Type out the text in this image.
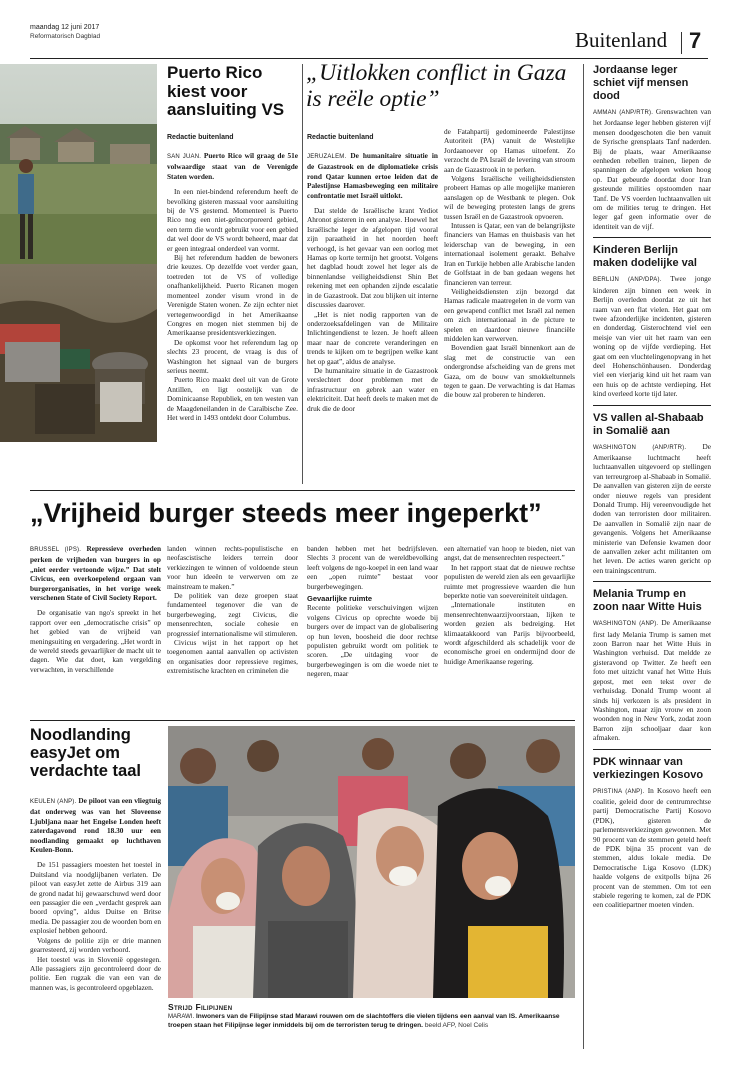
maandag 12 juni 2017
Reformatorisch Dagblad	Buitenland 7
Puerto Rico kiest voor aansluiting VS
Redactie buitenland

SAN JUAN. Puerto Rico wil graag de 51e volwaardige staat van de Verenigde Staten worden.

In een niet-bindend referendum heeft de bevolking gisteren massaal voor aansluiting bij de VS gestemd. Momenteel is Puerto Rico nog een niet-geïncorporeerd gebied, een term die wordt gebruikt voor een gebied dat wel door de VS wordt beheerd, maar dat er geen integraal onderdeel van vormt.

Bij het referendum hadden de bewoners drie keuzes. Op dezelfde voet verder gaan, toetreden tot de VS of volledige onafhankelijkheid. Puerto Ricanen mogen momenteel zonder visum vrond in de Verenigde Staten wonen. Ze zijn echter niet vertegenwoordigd in het Amerikaanse Congres en mogen niet stemmen bij de Amerikaanse presidentsverkiezingen.

De opkomst voor het referendum lag op slechts 23 procent, de vraag is dus of Washington het signaal van de burgers serieus neemt.

Puerto Rico maakt deel uit van de Grote Antillen, en ligt oostelijk van de Dominicaanse Republiek, en ten westen van de Maagdeneilanden in de Caraïbische Zee. Het werd in 1493 ontdekt door Columbus.

„Uitlokken conflict in Gaza is reële optie”
Redactie buitenland

JERUZALEM. De humanitaire situatie in de Gazastrook en de diplomatieke crisis rond Qatar kunnen ertoe leiden dat de Palestijnse Hamasbeweging een militaire confrontatie met Israël uitlokt.

Dat stelde de Israëlische krant Yediot Ahronot gisteren in een analyse. Hoewel het Israëlische leger de afgelopen tijd vooral zijn paraatheid in het noorden heeft verhoogd, is het gevaar van een oorlog met Hamas op korte termijn het grootst. Volgens het dagblad houdt zowel het leger als de binnenlandse veiligheidsdienst Shin Bet rekening met een ophanden zijnde escalatie in de Gazastrook. Dat zou blijken uit interne discussies daarover.

„Het is niet nodig rapporten van de onderzoeksafdelingen van de Militaire Inlichtingendienst te lezen. Je hoeft alleen maar naar de concrete veranderingen en trends te kijken om te begrijpen welke kant het op gaat”, aldus de analyse.

De humanitaire situatie in de Gazastrook verslechtert door problemen met de infrastructuur en gebrek aan water en elektriciteit. Dat heeft deels te maken met de druk die de door

de Fatahpartij gedomineerde Palestijnse Autoriteit (PA) vanuit de Westelijke Jordaanoever op Hamas uitoefent. Zo verzocht de PA Israël de levering van stroom aan de Gazastrook in te perken.

Volgens Israëlische veiligheidsdiensten probeert Hamas op alle mogelijke manieren aanslagen op de Westbank te plegen. Ook wil de beweging protesten langs de grens tussen Israël en de Gazastrook opvoeren.

Intussen is Qatar, een van de belangrijkste financiers van Hamas en thuisbasis van het leiderschap van de beweging, in een internationaal isolement geraakt. Behalve Iran en Turkije hebben alle Arabische landen de Golfstaat in de ban gedaan wegens het financieren van terreur.

Veiligheidsdiensten zijn bezorgd dat Hamas radicale maatregelen in de vorm van een gewapend conflict met Israël zal nemen om zich internationaal in de picture te spelen en daardoor nieuwe financiële middelen kan verwerven.

Bovendien gaat Israël binnenkort aan de slag met de constructie van een ondergrondse afscheiding van de grens met Gaza, om de bouw van smokkeltunnels tegen te gaan. De verwachting is dat Hamas die bouw zal proberen te hinderen.

Jordaanse leger schiet vijf mensen dood

AMMAN (ANP/RTR). Grenswachten van het Jordaanse leger hebben gisteren vijf mensen doodgeschoten die ben vanuit de Syrische grensplaats Tanf naderden. Bij de plaats, waar Amerikaanse eenheden rebellen trainen, liepen de spanningen de afgelopen weken hoog op. Dat gebeurde doordat door Iran gesteunde milities opstoomden naar Tanf. De VS voerden luchtaanvallen uit om de milities terug te dringen. Het leger gaf geen informatie over de identiteit van de vijf.

Kinderen Berlijn maken dodelijke val

BERLIJN (ANP/DPA). Twee jonge kinderen zijn binnen een week in Berlijn overleden doordat ze uit het raam van een flat vielen. Het gaat om twee afzonderlijke incidenten, gisteren en donderdag. Gisterochtend viel een meisje van vier uit het raam van een woning op de vijfde verdieping. Het gaat om een vluchtelingenopvang in het deel Hohenschönhausen. Donderdag viel een vierjarig kind uit het raam van een huis op de achtste verdieping. Het kind overleed korte tijd later.

VS vallen al-Shabaab in Somalië aan

WASHINGTON (ANP/RTR). De Amerikaanse luchtmacht heeft luchtaanvallen uitgevoerd op stellingen van terreurgroep al-Shabaab in Somalië. De aanvallen van gisteren zijn de eerste onder nieuwe regels van president Donald Trump. Hij vereenvoudigde het doden van terroristen door militairen. De aanvallen in Somalië zijn naar de gevangenis. Volgens het Amerikaanse ministerie van Defensie kwamen door de aanvallen zeker acht militanten om het leven. De acties waren gericht op een trainingscentrum.

Melania Trump en zoon naar Witte Huis

WASHINGTON (ANP). De Amerikaanse first lady Melania Trump is samen met zoon Barron naar het Witte Huis in Washington verhuisd. Dat meldde ze gisteravond op Twitter. Ze heeft een foto met uitzicht vanaf het Witte Huis gepost, met een tekst over de verhuisdag. Donald Trump woont al sinds hij verkozen is als president in Washington, maar zijn vrouw en zoon woonden nog in New York, zodat zoon Barron zijn schooljaar daar kon afmaken.

PDK winnaar van verkiezingen Kosovo

PRISTINA (ANP). In Kosovo heeft een coalitie, geleid door de centrumrechtse partij Democratische Partij Kosovo (PDK), gisteren de parlementsverkiezingen gewonnen. Met 90 procent van de stemmen geteld heeft de PDK bijna 35 procent van de stemmen, aldus lokale media. De Democratische Liga Kosovo (LDK) haalde volgens de exitpolls bijna 26 procent van de stemmen. Om tot een stabiele regering te komen, zal de PDK een coalitiepartner moeten vinden.

„Vrijheid burger steeds meer ingeperkt”

BRUSSEL (IPS). Repressieve overheden perken de vrijheden van burgers in op „niet eerder vertoonde wijze.” Dat stelt Civicus, een overkoepelend orgaan van burgerorganisaties, in het vorige week verschenen State of Civil Society Report.

De organisatie van ngo's spreekt in het rapport over een „democratische crisis” op het gebied van de vrijheid van meningsuiting en vergadering. „Het wordt in de wereld steeds gevaarlijker de macht uit te dagen. Wie dat doet, kan vergelding verwachten, in verschillende

landen winnen rechts-populistische en neofascistische leiders terrein door verkiezingen te winnen of voldoende steun voor hun ideeën te verwerven om ze mainstream te maken.”

De politiek van deze groepen staat fundamenteel tegenover die van de burgerbeweging, zegt Civicus, die mensenrechten, sociale cohesie en progressief internationalisme wil stimuleren.

Civicus wijst in het rapport op het toegenomen aantal aanvallen op activisten en organisaties door repressieve regimes, extremistische krachten en criminelen die

banden hebben met het bedrijfsleven. Slechts 3 procent van de wereldbevolking leeft volgens de ngo-koepel in een land waar een „open ruimte” bestaat voor burgerbewegingen.

Gevaarlijke ruimte

Recente politieke verschuivingen wijzen volgens Civicus op oprechte woede bij burgers over de impact van de globalisering op hun leven, boosheid die door rechtse populisten gebruikt wordt om politiek te scoren. „De uitdaging voor de burgerbewegingen is om die woede niet te negeren, maar

een alternatief van hoop te bieden, niet van angst, dat de mensenrechten respecteert.”

In het rapport staat dat de nieuwe rechtse populisten de wereld zien als een gevaarlijke ruimte met progressieve waarden die hun beperkte notie van soevereiniteit uitdagen.

„Internationale instituten en mensenrechtenwaarzijvoorstaan, lijken te worden gezien als bedreiging. Het klimaatakkoord van Parijs bijvoorbeeld, wordt afgeschilderd als schadelijk voor de economische groei en ondermijnd door de huidige Amerikaanse regering.

Noodlanding easyJet om verdachte taal

KEULEN (ANP). De piloot van een vliegtuig dat onderweg was van het Sloveense Ljubljana naar het Engelse Londen heeft zaterdagavond rond 18.30 uur een noodlanding gemaakt op luchthaven Keulen-Bonn.

De 151 passagiers moesten het toestel in Duitsland via noodglijbanen verlaten. De piloot van easyJet zette de Airbus 319 aan de grond nadat hij gewaarschuwd werd door een passagier die een „verdacht gesprek aan boord opving”, aldus Duitse en Britse media. De passagier zou de woorden bom en explosief hebben gehoord.

Volgens de politie zijn er drie mannen gearresteerd, zij worden verhoord.

Het toestel was in Slovenië opgestegen. Alle passagiers zijn gecontroleerd door de politie. Een rugzak die van een van de mannen was, is gecontroleerd opgeblazen.

Strijd Filipijnen
MARAWI. Inwoners van de Filipijnse stad Marawi rouwen om de slachtoffers die vielen tijdens een aanval van IS. Amerikaanse troepen staan het Filipijnse leger inmiddels bij om de terroristen terug te dringen. beeld AFP, Noel Celis
